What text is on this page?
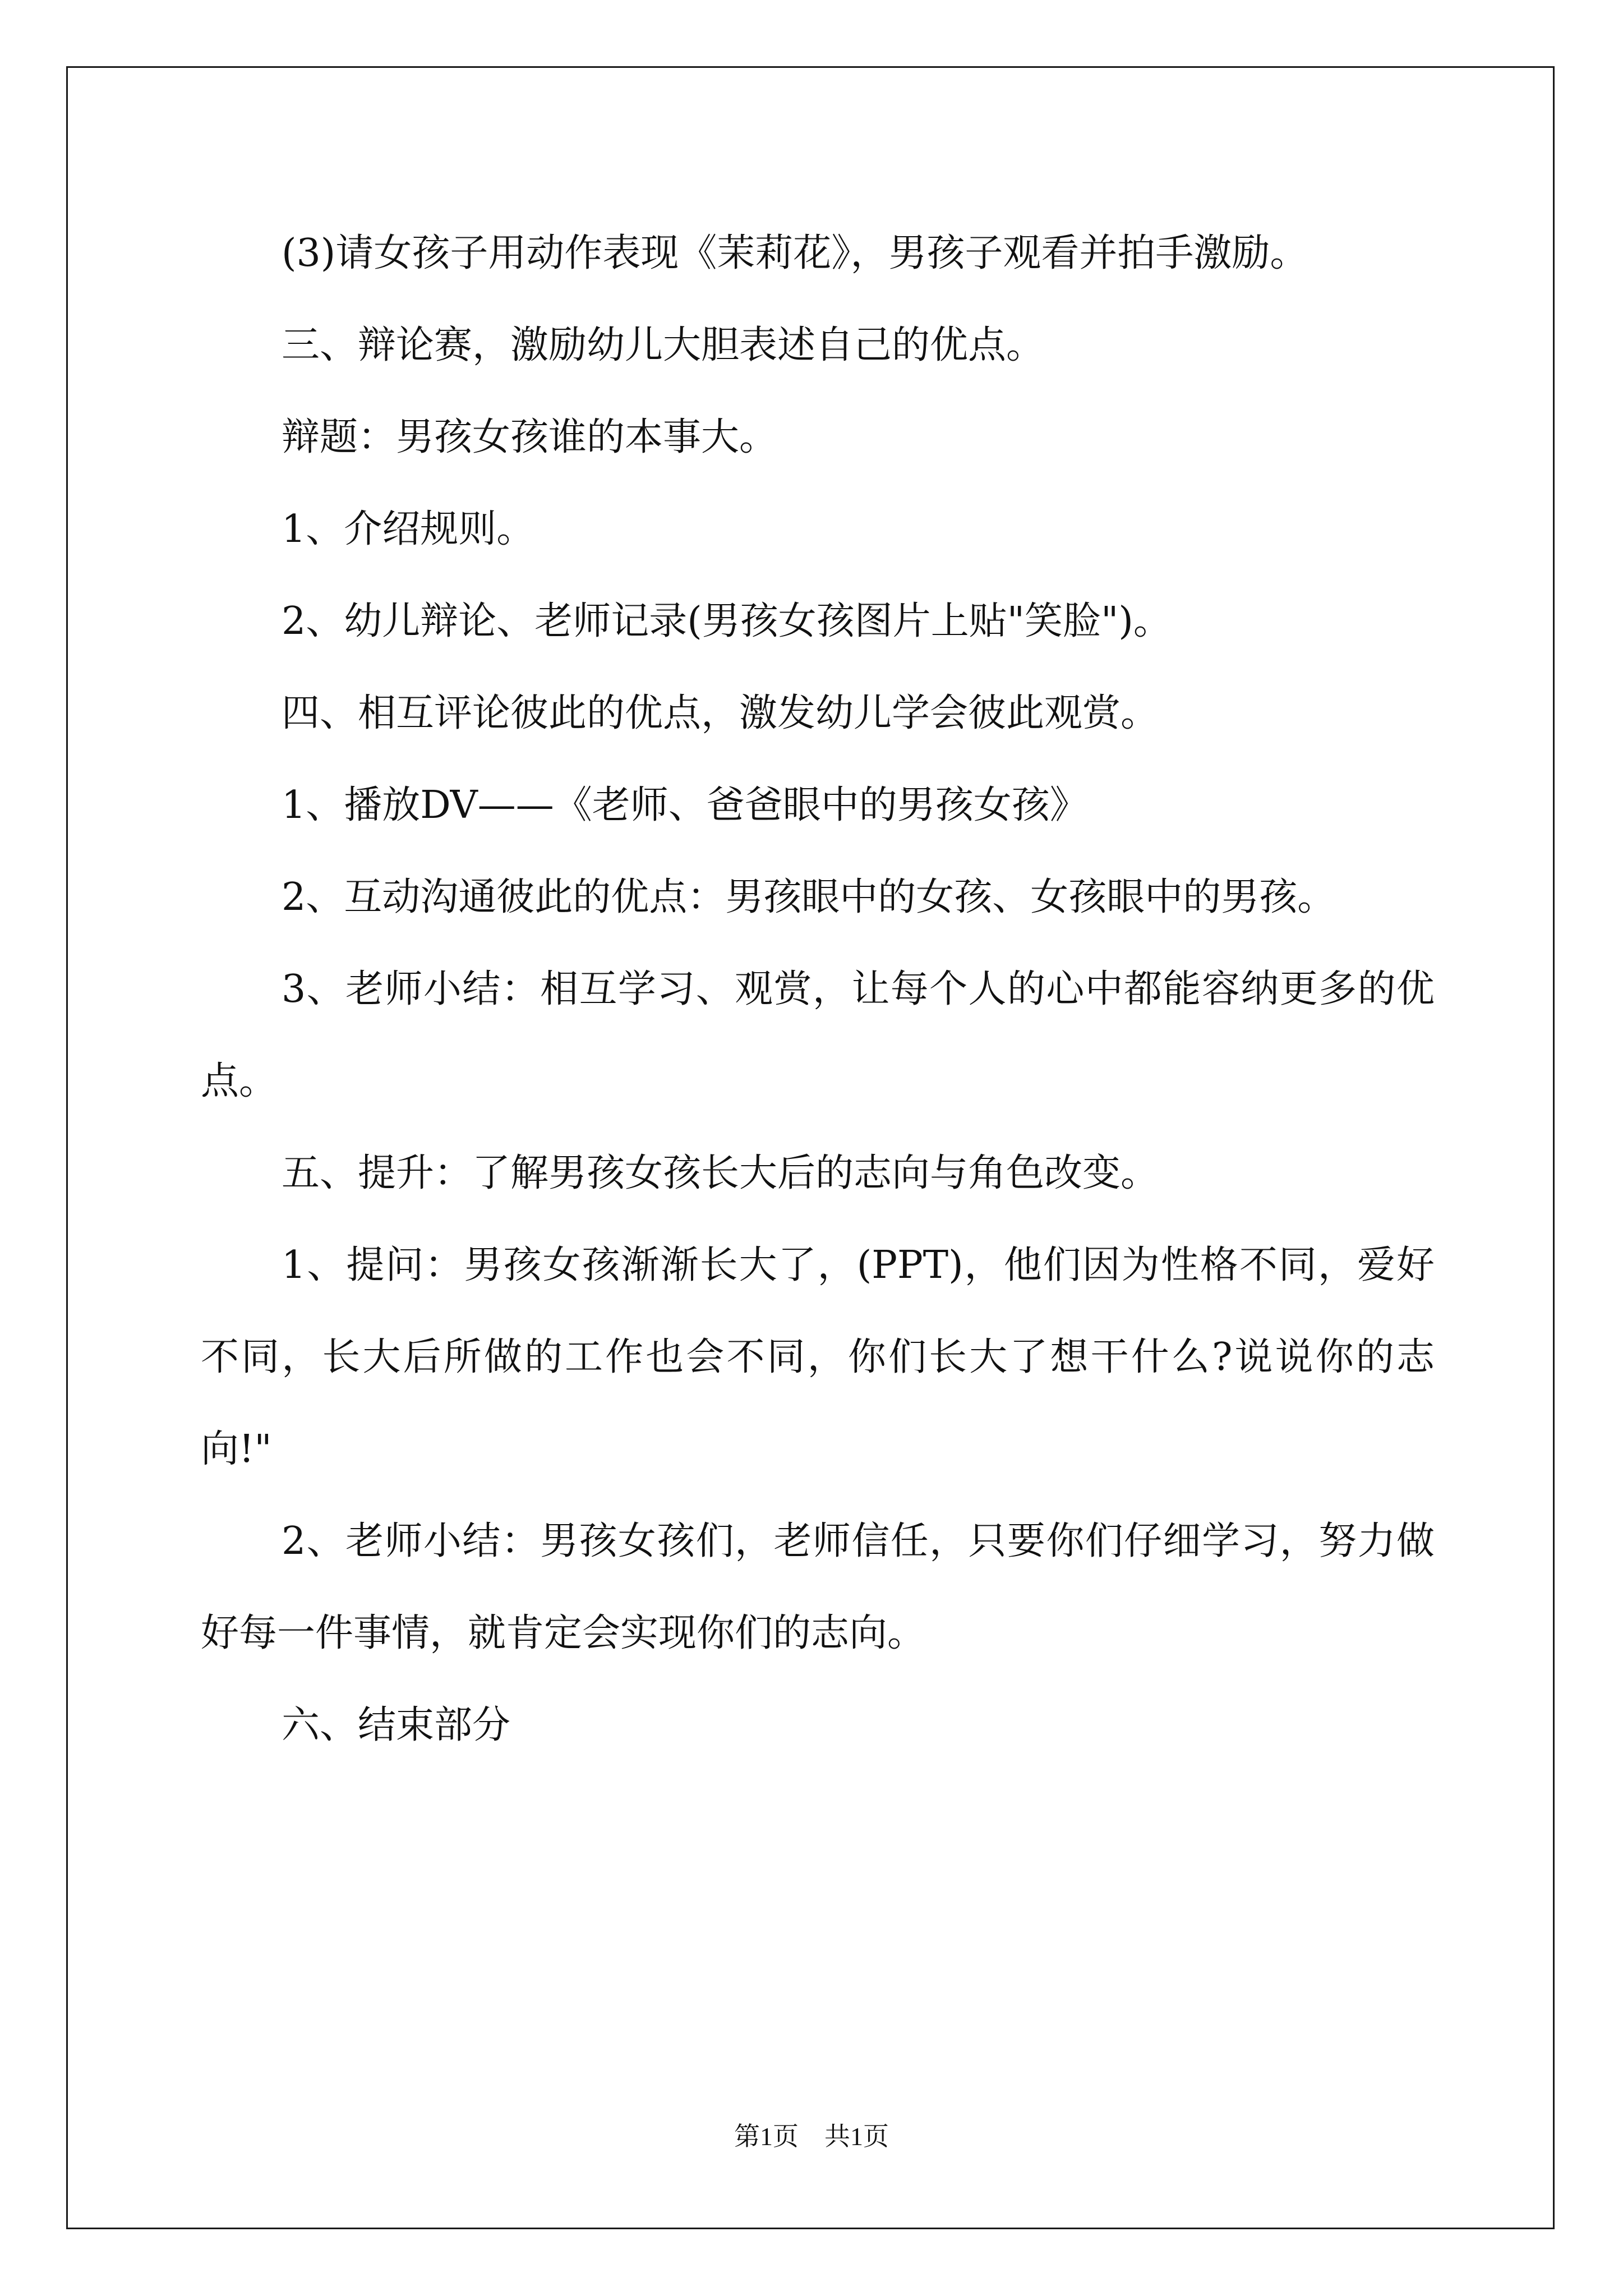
(3)请女孩子用动作表现《茉莉花》，男孩子观看并拍手激励。

三、辩论赛，激励幼儿大胆表述自己的优点。

辩题：男孩女孩谁的本事大。

1、介绍规则。

2、幼儿辩论、老师记录(男孩女孩图片上贴"笑脸")。

四、相互评论彼此的优点，激发幼儿学会彼此观赏。

1、播放DV——《老师、爸爸眼中的男孩女孩》

2、互动沟通彼此的优点：男孩眼中的女孩、女孩眼中的男孩。

3、老师小结：相互学习、观赏，让每个人的心中都能容纳更多的优点。

五、提升：了解男孩女孩长大后的志向与角色改变。

1、提问：男孩女孩渐渐长大了，(PPT)，他们因为性格不同，爱好不同，长大后所做的工作也会不同，你们长大了想干什么?说说你的志向!"

2、老师小结：男孩女孩们，老师信任，只要你们仔细学习，努力做好每一件事情，就肯定会实现你们的志向。

六、结束部分

第1页 共1页
